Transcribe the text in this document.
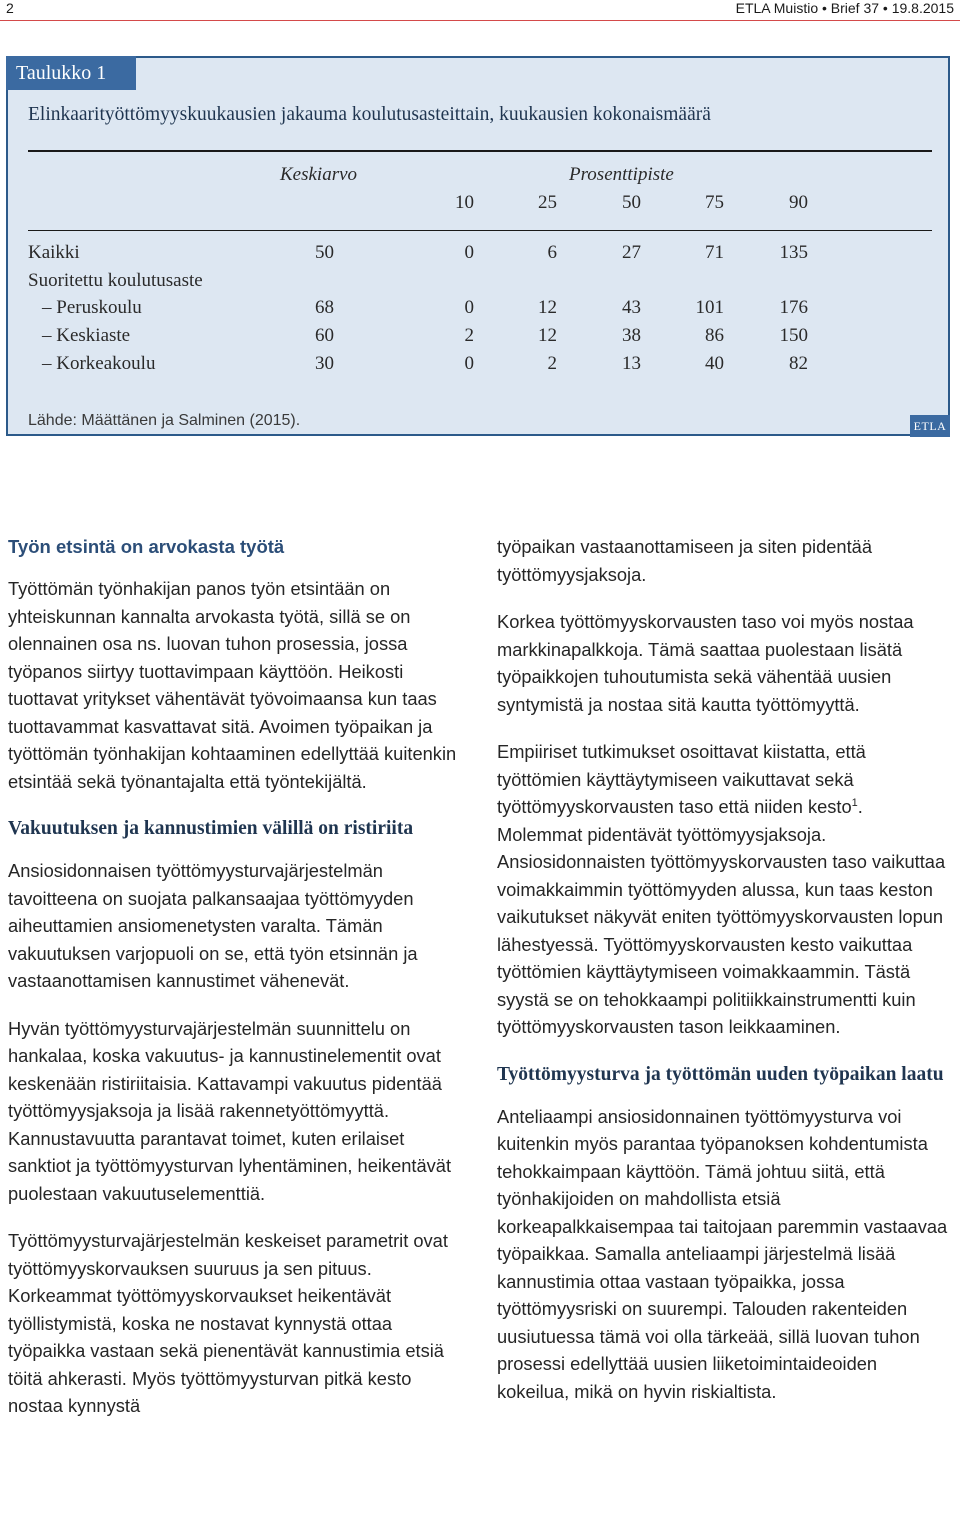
2	ETLA Muistio • Brief 37 • 19.8.2015
Taulukko 1
Elinkaarityöttömyyskuukausien jakauma koulutusasteittain, kuukausien kokonaismäärä
Keskiarvo	Prosenttipiste
10	25	50	75	90
Kaikki	50	0	6	27	71	135
Suoritettu koulutusaste
– Peruskoulu	68	0	12	43	101	176
– Keskiaste	60	2	12	38	86	150
– Korkeakoulu	30	0	2	13	40	82
Lähde: Määttänen ja Salminen (2015).	ETLA
Työn etsintä on arvokasta työtä

Työttömän työnhakijan panos työn etsintään on yhteiskunnan kannalta arvokasta työtä, sillä se on olennainen osa ns. luovan tuhon prosessia, jossa työpanos siirtyy tuottavimpaan käyttöön. Heikosti tuottavat yritykset vähentävät työvoimaansa kun taas tuottavammat kasvattavat sitä. Avoimen työpaikan ja työttömän työnhakijan kohtaaminen edellyttää kuitenkin etsintää sekä työnantajalta että työntekijältä.

Vakuutuksen ja kannustimien välillä on ristiriita

Ansiosidonnaisen työttömyysturvajärjestelmän tavoitteena on suojata palkansaajaa työttömyyden aiheuttamien ansiomenetysten varalta. Tämän vakuutuksen varjopuoli on se, että työn etsinnän ja vastaanottamisen kannustimet vähenevät.

Hyvän työttömyysturvajärjestelmän suunnittelu on hankalaa, koska vakuutus- ja kannustinelementit ovat keskenään ristiriitaisia. Kattavampi vakuutus pidentää työttömyysjaksoja ja lisää rakennetyöttömyyttä. Kannustavuutta parantavat toimet, kuten erilaiset sanktiot ja työttömyysturvan lyhentäminen, heikentävät puolestaan vakuutuselementtiä.

Työttömyysturvajärjestelmän keskeiset parametrit ovat työttömyyskorvauksen suuruus ja sen pituus. Korkeammat työttömyyskorvaukset heikentävät työllistymistä, koska ne nostavat kynnystä ottaa työpaikka vastaan sekä pienentävät kannustimia etsiä töitä ahkerasti. Myös työttömyysturvan pitkä kesto nostaa kynnystä

työpaikan vastaanottamiseen ja siten pidentää työttömyysjaksoja.

Korkea työttömyyskorvausten taso voi myös nostaa markkinapalkkoja. Tämä saattaa puolestaan lisätä työpaikkojen tuhoutumista sekä vähentää uusien syntymistä ja nostaa sitä kautta työttömyyttä.

Empiiriset tutkimukset osoittavat kiistatta, että työttömien käyttäytymiseen vaikuttavat sekä työttömyyskorvausten taso että niiden kesto$^1$. Molemmat pidentävät työttömyysjaksoja. Ansiosidonnaisten työttömyyskorvausten taso vaikuttaa voimakkaimmin työttömyyden alussa, kun taas keston vaikutukset näkyvät eniten työttömyyskorvausten lopun lähestyessä. Työttömyyskorvausten kesto vaikuttaa työttömien käyttäytymiseen voimakkaammin. Tästä syystä se on tehokkaampi politiikkainstrumentti kuin työttömyyskorvausten tason leikkaaminen.

Työttömyysturva ja työttömän uuden työpaikan laatu

Anteliaampi ansiosidonnainen työttömyysturva voi kuitenkin myös parantaa työpanoksen kohdentumista tehokkaimpaan käyttöön. Tämä johtuu siitä, että työnhakijoiden on mahdollista etsiä korkeapalkkaisempaa tai taitojaan paremmin vastaavaa työpaikkaa. Samalla anteliaampi järjestelmä lisää kannustimia ottaa vastaan työpaikka, jossa työttömyysriski on suurempi. Talouden rakenteiden uusiutuessa tämä voi olla tärkeää, sillä luovan tuhon prosessi edellyttää uusien liiketoimintaideoiden kokeilua, mikä on hyvin riskialtista.
